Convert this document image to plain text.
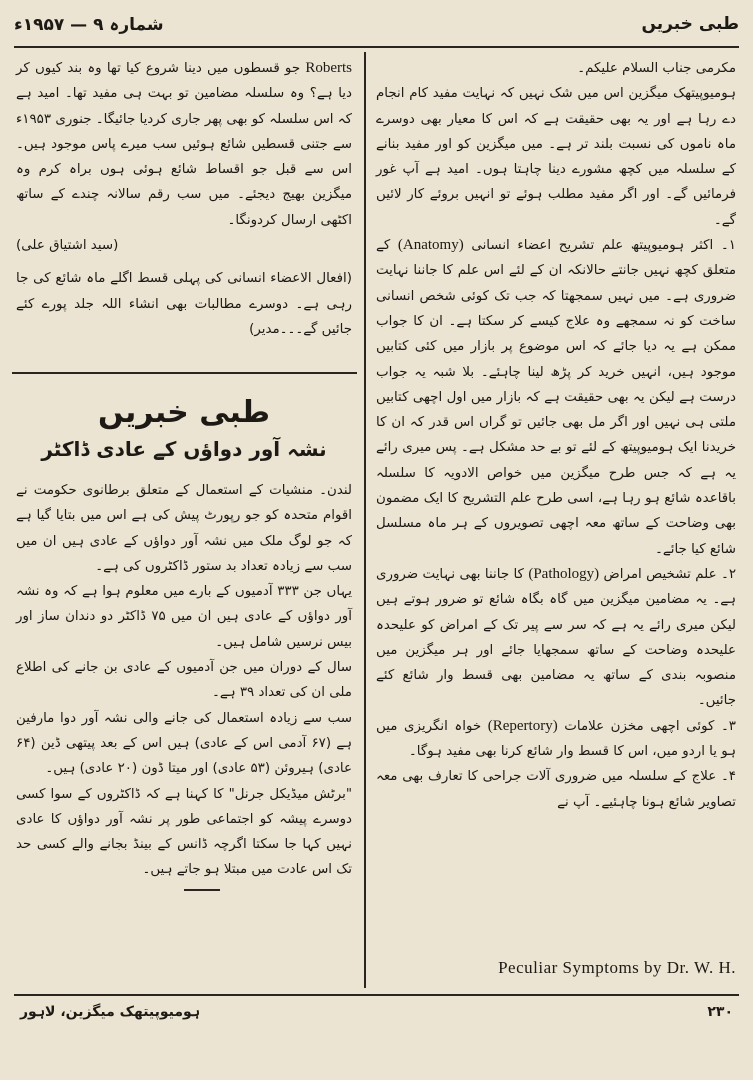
شمارہ ۹ — ۱۹۵۷ء	طبی خبریں

مکرمی جناب السلام علیکم۔

ہومیوپیتھک میگزین اس میں شک نہیں کہ نہایت مفید کام انجام دے رہا ہے اور یہ بھی حقیقت ہے کہ اس کا معیار بھی دوسرے ماہ ناموں کی نسبت بلند تر ہے۔ میں میگزین کو اور مفید بنانے کے سلسلہ میں کچھ مشورے دینا چاہتا ہوں۔ امید ہے آپ غور فرمائیں گے۔ اور اگر مفید مطلب ہوئے تو انہیں بروئے کار لائیں گے۔

۱۔ اکثر ہومیوپیتھ علم تشریح اعضاء انسانی (Anatomy) کے متعلق کچھ نہیں جانتے حالانکہ ان کے لئے اس علم کا جاننا نہایت ضروری ہے۔ میں نہیں سمجھتا کہ جب تک کوئی شخص انسانی ساخت کو نہ سمجھے وہ علاج کیسے کر سکتا ہے۔ ان کا جواب ممکن ہے یہ دیا جائے کہ اس موضوع پر بازار میں کئی کتابیں موجود ہیں، انہیں خرید کر پڑھ لینا چاہئے۔ بلا شبہ یہ جواب درست ہے لیکن یہ بھی حقیقت ہے کہ بازار میں اول اچھی کتابیں ملتی ہی نہیں اور اگر مل بھی جائیں تو گراں اس قدر کہ ان کا خریدنا ایک ہومیوپیتھ کے لئے تو بے حد مشکل ہے۔ پس میری رائے یہ ہے کہ جس طرح میگزین میں خواص الادویہ کا سلسلہ باقاعدہ شائع ہو رہا ہے، اسی طرح علم التشریح کا ایک مضمون بھی وضاحت کے ساتھ معہ اچھی تصویروں کے ہر ماہ مسلسل شائع کیا جائے۔

۲۔ علم تشخیص امراض (Pathology) کا جاننا بھی نہایت ضروری ہے۔ یہ مضامین میگزین میں گاہ بگاہ شائع تو ضرور ہوتے ہیں لیکن میری رائے یہ ہے کہ سر سے پیر تک کے امراض کو علیحدہ علیحدہ وضاحت کے ساتھ سمجھایا جائے اور ہر میگزین میں منصوبہ بندی کے ساتھ یہ مضامین بھی قسط وار شائع کئے جائیں۔

۳۔ کوئی اچھی مخزن علامات (Repertory) خواہ انگریزی میں ہو یا اردو میں، اس کا قسط وار شائع کرنا بھی مفید ہوگا۔

۴۔ علاج کے سلسلہ میں ضروری آلات جراحی کا تعارف بھی معہ تصاویر شائع ہونا چاہئیے۔ آپ نے

Peculiar Symptoms by Dr. W. H.

Roberts جو قسطوں میں دینا شروع کیا تھا وہ بند کیوں کر دیا ہے؟ وہ سلسلہ مضامین تو بہت ہی مفید تھا۔ امید ہے کہ اس سلسلہ کو بھی پھر جاری کردیا جائیگا۔ جنوری ۱۹۵۳ء سے جتنی قسطیں شائع ہوئیں سب میرے پاس موجود ہیں۔ اس سے قبل جو اقساط شائع ہوئی ہوں براہ کرم وہ میگزین بھیج دیجئے۔ میں سب رقم سالانہ چندے کے ساتھ اکٹھی ارسال کردونگا۔

(سید اشتیاق علی)

(افعال الاعضاء انسانی کی پہلی قسط اگلے ماہ شائع کی جا رہی ہے۔ دوسرے مطالبات بھی انشاء اللہ جلد پورے کئے جائیں گے۔۔۔مدیر)

طبی خبریں
نشہ آور دواؤں کے عادی ڈاکٹر

لندن۔ منشیات کے استعمال کے متعلق برطانوی حکومت نے اقوام متحدہ کو جو رپورٹ پیش کی ہے اس میں بتایا گیا ہے کہ جو لوگ ملک میں نشہ آور دواؤں کے عادی ہیں ان میں سب سے زیادہ تعداد بد ستور ڈاکٹروں کی ہے۔

یہاں جن ۳۳۳ آدمیوں کے بارے میں معلوم ہوا ہے کہ وہ نشہ آور دواؤں کے عادی ہیں ان میں ۷۵ ڈاکٹر دو دندان ساز اور بیس نرسیں شامل ہیں۔

سال کے دوران میں جن آدمیوں کے عادی بن جانے کی اطلاع ملی ان کی تعداد ۳۹ ہے۔

سب سے زیادہ استعمال کی جانے والی نشہ آور دوا مارفین ہے (۶۷ آدمی اس کے عادی) ہیں اس کے بعد پیتھی ڈین (۶۴ عادی) ہیروئن (۵۳ عادی) اور میتا ڈون (۲۰ عادی) ہیں۔

"برٹش میڈیکل جرنل" کا کہنا ہے کہ ڈاکٹروں کے سوا کسی دوسرے پیشہ کو اجتماعی طور پر نشہ آور دواؤں کا عادی نہیں کہا جا سکتا اگرچہ ڈانس کے بینڈ بجانے والے کسی حد تک اس عادت میں مبتلا ہو جاتے ہیں۔

ہومیوپیتھک میگزین، لاہور	۲۳۰
